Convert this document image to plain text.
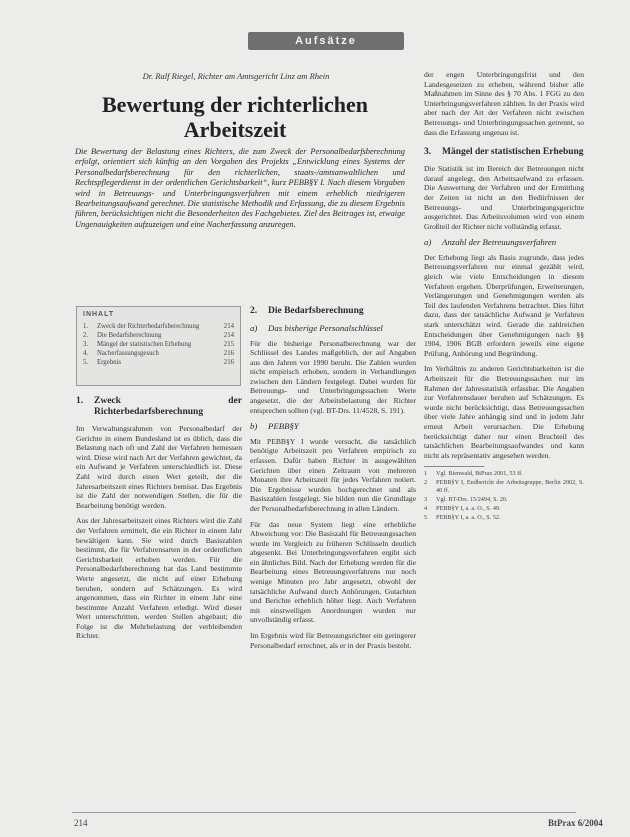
Aufsätze
Dr. Ralf Riegel, Richter am Amtsgericht Linz am Rhein
Bewertung der richterlichen Arbeitszeit
Die Bewertung der Belastung eines Richters, die zum Zweck der Personalbedarfsberechnung erfolgt, orientiert sich künftig an den Vorgaben des Projekts „Entwicklung eines Systems der Personalbedarfsberechnung für den richterlichen, staats-/amtsanwaltlichen und Rechtspflegerdienst in der ordentlichen Gerichtsbarkeit“, kurz PEBB§Y I. Nach diesem Vorgaben wird in Betreuungs- und Unterbringungsverfahren mit einem erheblich niedrigeren Bearbeitungsaufwand gerechnet. Die statistische Methodik und Erfassung, die zu diesem Ergebnis führen, berücksichtigen nicht die Besonderheiten des Fachgebietes. Ziel des Beitrages ist, etwaige Ungenauigkeiten aufzuzeigen und eine Nacherfassung anzuregen.
INHALT
1.	Zweck der Richterbedarfsberechnung	214
2.	Die Bedarfsberechnung	214
3.	Mängel der statistischen Erhebung	215
4.	Nacherfassungsgesuch	216
5.	Ergebnis	216
1.	Zweck der Richterbedarfsberechnung

Im Verwaltungsrahmen von Personalbedarf der Gerichte in einem Bundesland ist es üblich, dass die Belastung nach oft und Zahl der Verfahren bemessen wird. Diese wird nach Art der Verfahren gewichtet, da ein Aufwand je Verfahren unterschiedlich ist. Diese Zahl wird durch einen Wert geteilt, der die Jahresarbeitszeit eines Richters bemisst. Das Ergebnis ist die Zahl der notwendigen Stellen, die für die Bearbeitung benötigt werden.

Aus der Jahresarbeitszeit eines Richters wird die Zahl der Verfahren ermittelt, die ein Richter in einem Jahr bewältigen kann. Sie wird durch Basiszahlen bestimmt, die für Verfahrensarten in der ordentlichen Gerichtsbarkeit erhoben werden. Für die Personalbedarfsberechnung hat das Land bestimmte Werte angesetzt, die nicht auf einer Erhebung beruhen, sondern auf Schätzungen. Es wird angenommen, dass ein Richter in einem Jahr eine bestimmte Anzahl Verfahren erledigt. Wird dieser Wert unterschritten, werden Stellen abgebaut; die Folge ist die Mehrbelastung der verbleibenden Richter.

2.	Die Bedarfsberechnung
a)	Das bisherige Personalschlüssel

Für die bisherige Personalberechnung war der Schlüssel des Landes maßgeblich, der auf Angaben aus den Jahren vor 1990 beruht. Die Zahlen wurden nicht empirisch erhoben, sondern in Verhandlungen zwischen den Ländern festgelegt. Dabei wurden für Betreuungs- und Unterbringungssachen Werte angesetzt, die der Arbeitsbelastung der Richter entsprechen sollten (vgl. BT-Drs. 11/4528, S. 191).

b)	PEBB§Y

Mit PEBB§Y I wurde versucht, die tatsächlich benötigte Arbeitszeit pro Verfahren empirisch zu erfassen. Dafür haben Richter in ausgewählten Gerichten über einen Zeitraum von mehreren Monaten ihre Arbeitszeit für jedes Verfahren notiert. Die Ergebnisse wurden hochgerechnet und als Basiszahlen festgelegt. Sie bilden nun die Grundlage der Personalbedarfsberechnung in allen Ländern.

Für das neue System liegt eine erhebliche Abweichung vor: Die Basiszahl für Betreuungssachen wurde im Vergleich zu früheren Schlüsseln deutlich abgesenkt. Bei Unterbringungsverfahren ergibt sich ein ähnliches Bild. Nach der Erhebung werden für die Bearbeitung eines Betreuungsverfahrens nur noch wenige Minuten pro Jahr angesetzt, obwohl der tatsächliche Aufwand durch Anhörungen, Gutachten und Berichte erheblich höher liegt. Auch Verfahren mit einstweiligen Anordnungen wurden nur unvollständig erfasst.

Im Ergebnis wird für Betreuungsrichter ein geringerer Personalbedarf errechnet, als er in der Praxis besteht.

der engen Unterbringungsfrist und den Landesgesetzen zu erheben, während bisher alle Maßnahmen im Sinne des § 70 Abs. 1 FGG zu den Unterbringungsverfahren zählten. In der Praxis wird aber nach der Art der Verfahren nicht zwischen Betreuungs- und Unterbringungssachen getrennt, so dass die Erfassung ungenau ist.

3.	Mängel der statistischen Erhebung

Die Statistik ist im Bereich der Betreuungen nicht darauf angelegt, den Arbeitsaufwand zu erfassen. Die Auswertung der Verfahren und der Ermittlung der Zeiten ist nicht an den Bedürfnissen der Betreuungs- und Unterbringungsgerichte ausgerichtet. Das Arbeitsvolumen wird von einem Großteil der Richter nicht vollständig erfasst.

a)	Anzahl der Betreuungsverfahren

Der Erhebung liegt als Basis zugrunde, dass jedes Betreuungsverfahren nur einmal gezählt wird, gleich wie viele Entscheidungen in diesem Verfahren ergehen. Überprüfungen, Erweiterungen, Verlängerungen und Genehmigungen werden als Teil des laufenden Verfahrens betrachtet. Dies führt dazu, dass der tatsächliche Aufwand je Verfahren stark unterschätzt wird. Gerade die zahlreichen Entscheidungen über Genehmigungen nach §§ 1904, 1906 BGB erfordern jeweils eine eigene Prüfung, Anhörung und Begründung.

Im Verhältnis zu anderen Gerichtsbarkeiten ist die Arbeitszeit für die Betreuungssachen nur im Rahmen der Jahresstatistik erfassbar. Die Angaben zur Verfahrensdauer beruhen auf Schätzungen. Es wurde nicht berücksichtigt, dass Betreuungssachen über viele Jahre anhängig sind und in jedem Jahr erneut Arbeit verursachen. Die Erhebung berücksichtigt daher nur einen Bruchteil des tatsächlichen Bearbeitungsaufwandes und kann nicht als repräsentativ angesehen werden.

1	Vgl. Bienwald, BtPrax 2001, 53 ff.
2	PEBB§Y I, Endbericht der Arbeitsgruppe, Berlin 2002, S. 40 ff.
3	Vgl. BT-Drs. 15/2494, S. 20.
4	PEBB§Y I, a. a. O., S. 49.
5	PEBB§Y I, a. a. O., S. 52.
214	BtPrax 6/2004
